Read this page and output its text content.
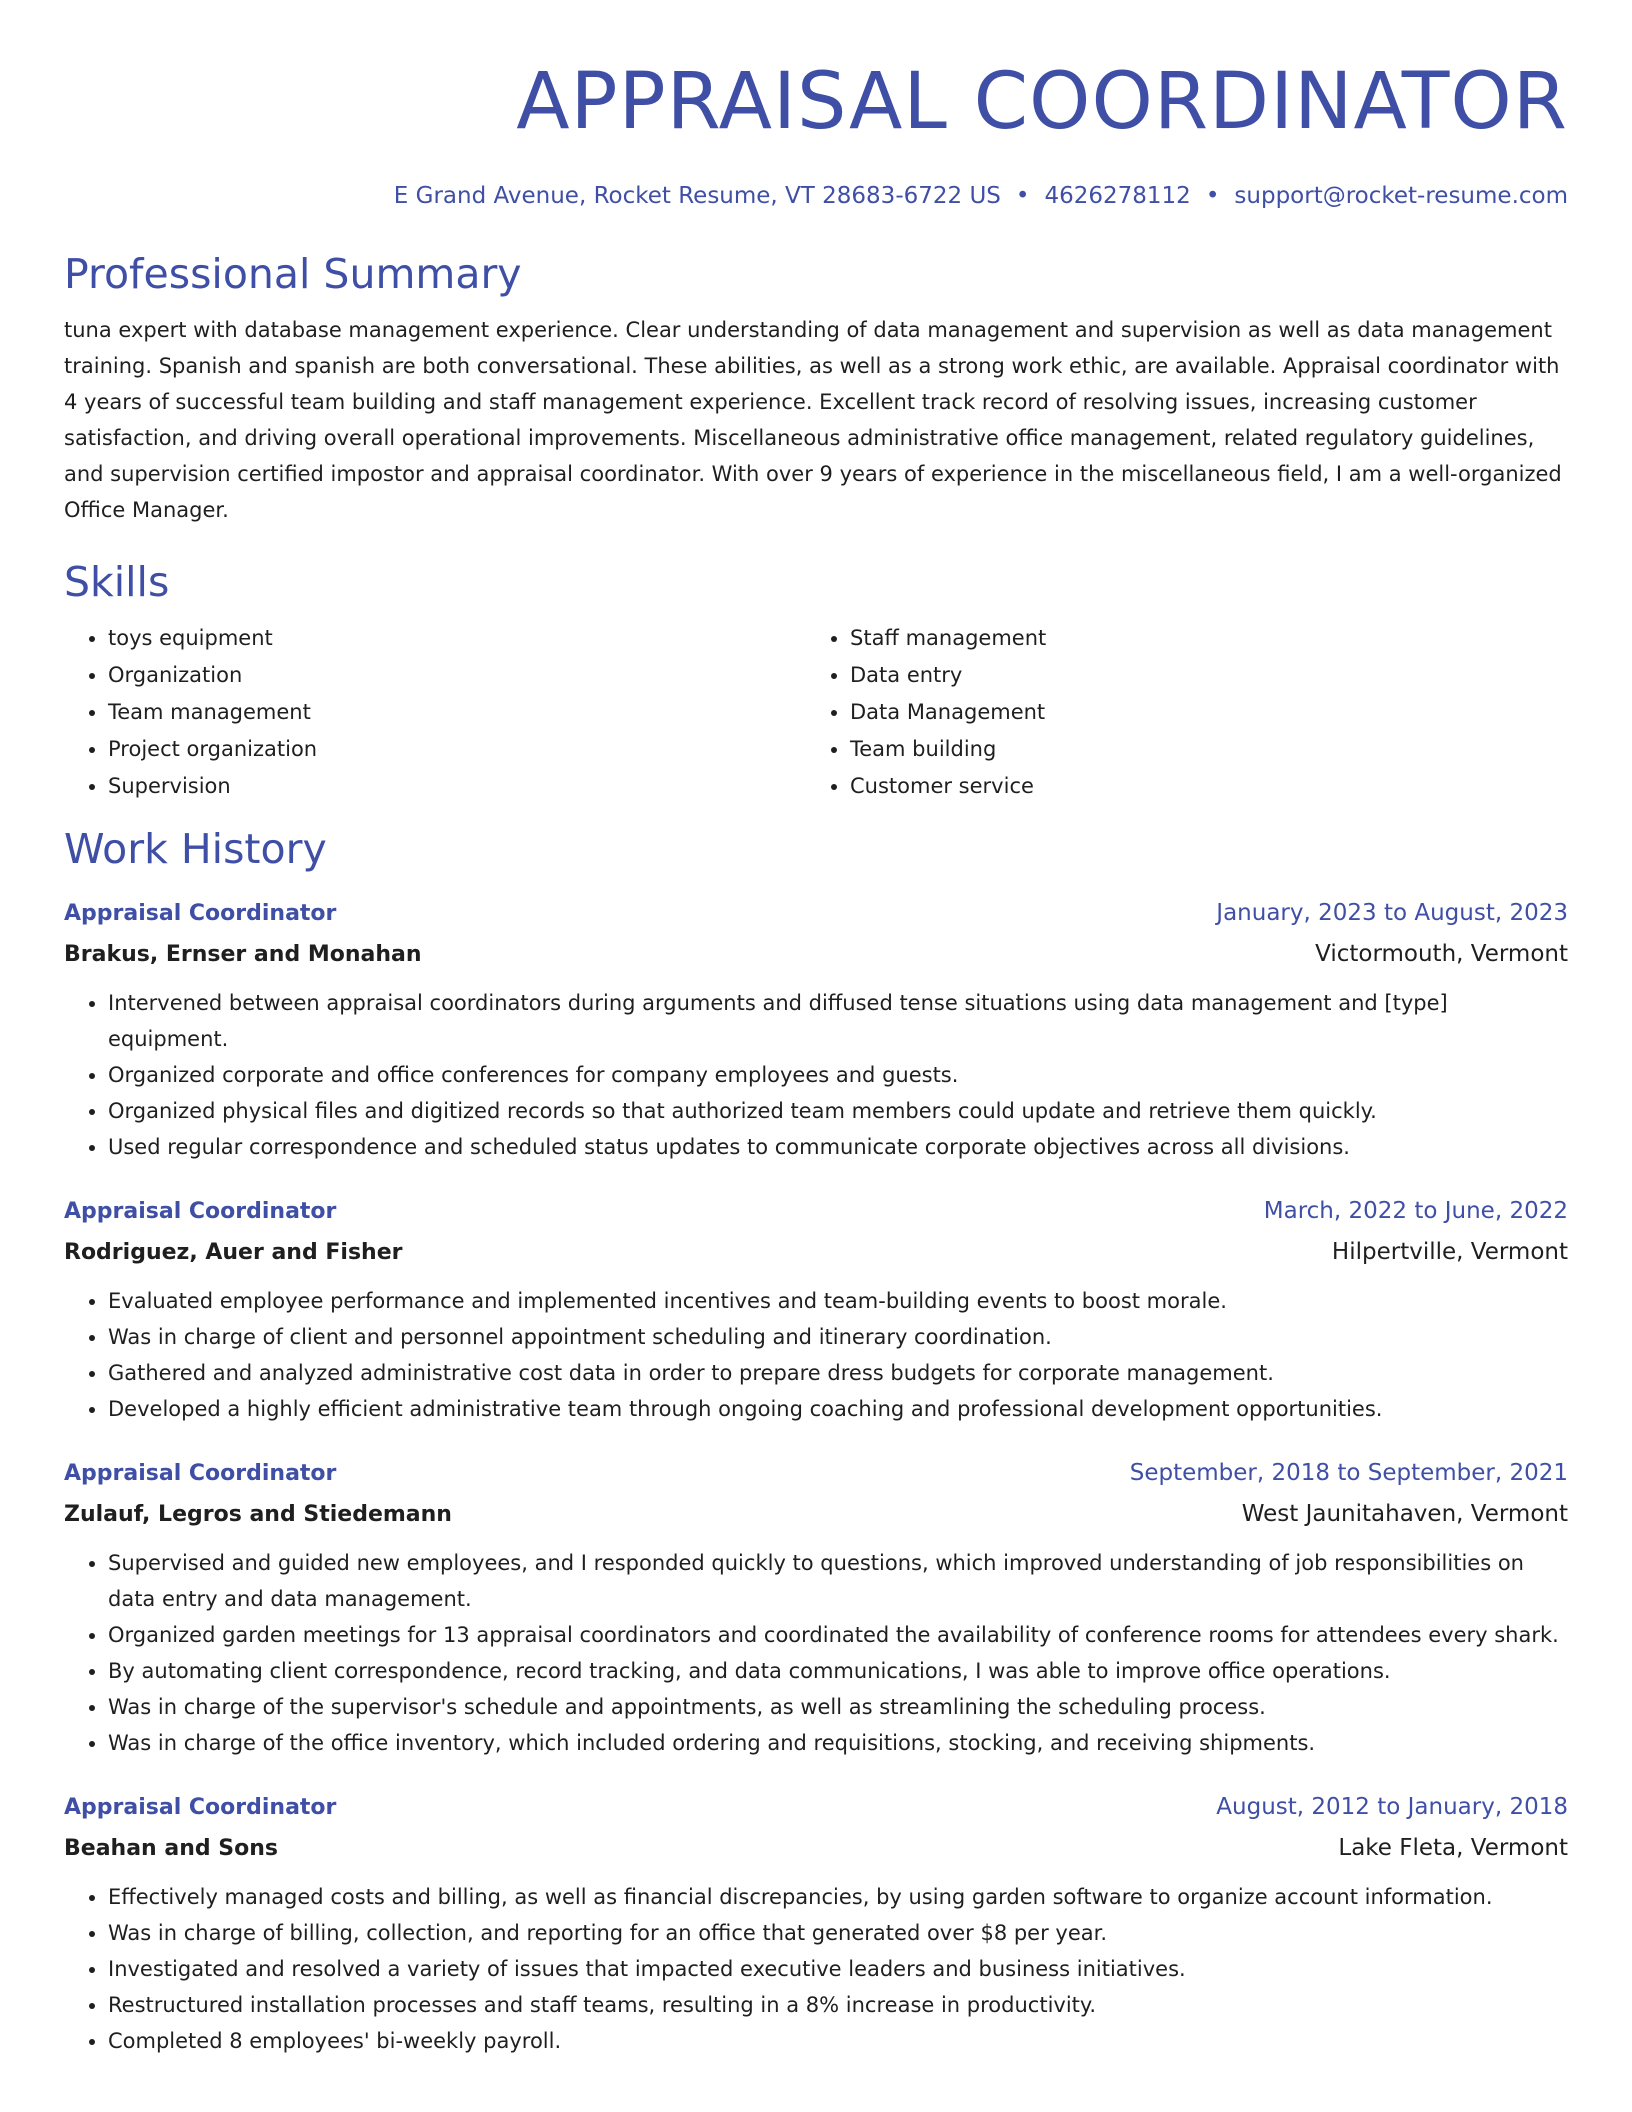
APPRAISAL COORDINATOR
E Grand Avenue, Rocket Resume, VT 28683-6722 US • 4626278112 • support@rocket-resume.com
Professional Summary
tuna expert with database management experience. Clear understanding of data management and supervision as well as data management training. Spanish and spanish are both conversational. These abilities, as well as a strong work ethic, are available. Appraisal coordinator with 4 years of successful team building and staff management experience. Excellent track record of resolving issues, increasing customer satisfaction, and driving overall operational improvements. Miscellaneous administrative office management, related regulatory guidelines, and supervision certified impostor and appraisal coordinator. With over 9 years of experience in the miscellaneous field, I am a well-organized Office Manager.
Skills
• toys equipment
• Organization
• Team management
• Project organization
• Supervision
• Staff management
• Data entry
• Data Management
• Team building
• Customer service
Work History
Appraisal Coordinator	January, 2023 to August, 2023
Brakus, Ernser and Monahan	Victormouth, Vermont
• Intervened between appraisal coordinators during arguments and diffused tense situations using data management and [type] equipment.
• Organized corporate and office conferences for company employees and guests.
• Organized physical files and digitized records so that authorized team members could update and retrieve them quickly.
• Used regular correspondence and scheduled status updates to communicate corporate objectives across all divisions.
Appraisal Coordinator	March, 2022 to June, 2022
Rodriguez, Auer and Fisher	Hilpertville, Vermont
• Evaluated employee performance and implemented incentives and team-building events to boost morale.
• Was in charge of client and personnel appointment scheduling and itinerary coordination.
• Gathered and analyzed administrative cost data in order to prepare dress budgets for corporate management.
• Developed a highly efficient administrative team through ongoing coaching and professional development opportunities.
Appraisal Coordinator	September, 2018 to September, 2021
Zulauf, Legros and Stiedemann	West Jaunitahaven, Vermont
• Supervised and guided new employees, and I responded quickly to questions, which improved understanding of job responsibilities on data entry and data management.
• Organized garden meetings for 13 appraisal coordinators and coordinated the availability of conference rooms for attendees every shark.
• By automating client correspondence, record tracking, and data communications, I was able to improve office operations.
• Was in charge of the supervisor's schedule and appointments, as well as streamlining the scheduling process.
• Was in charge of the office inventory, which included ordering and requisitions, stocking, and receiving shipments.
Appraisal Coordinator	August, 2012 to January, 2018
Beahan and Sons	Lake Fleta, Vermont
• Effectively managed costs and billing, as well as financial discrepancies, by using garden software to organize account information.
• Was in charge of billing, collection, and reporting for an office that generated over $8 per year.
• Investigated and resolved a variety of issues that impacted executive leaders and business initiatives.
• Restructured installation processes and staff teams, resulting in a 8% increase in productivity.
• Completed 8 employees' bi-weekly payroll.
